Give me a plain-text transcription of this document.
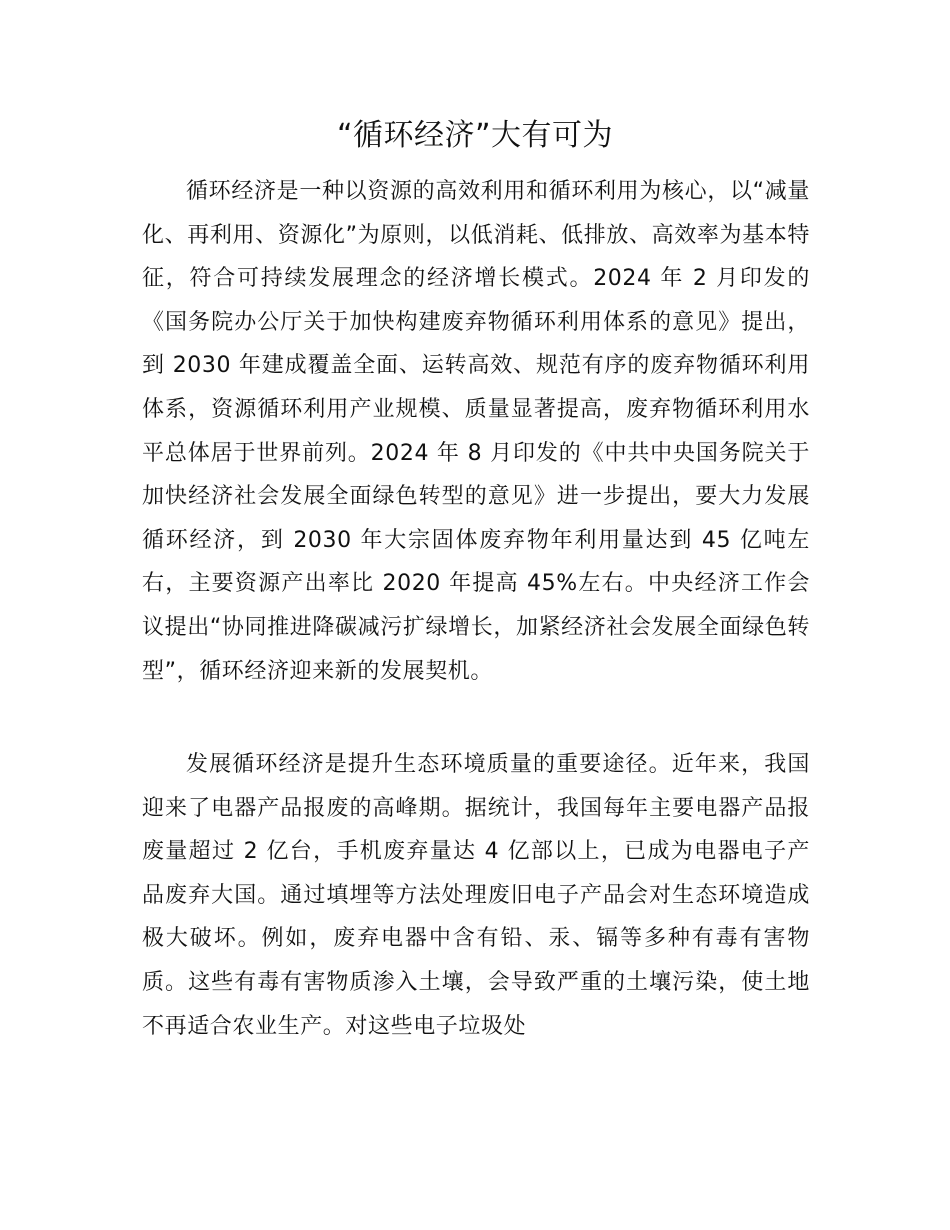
“循环经济”大有可为

循环经济是一种以资源的高效利用和循环利用为核心，以“减量化、再利用、资源化”为原则，以低消耗、低排放、高效率为基本特征，符合可持续发展理念的经济增长模式。2024 年 2 月印发的《国务院办公厅关于加快构建废弃物循环利用体系的意见》提出，到 2030 年建成覆盖全面、运转高效、规范有序的废弃物循环利用体系，资源循环利用产业规模、质量显著提高，废弃物循环利用水平总体居于世界前列。2024 年 8 月印发的《中共中央国务院关于加快经济社会发展全面绿色转型的意见》进一步提出，要大力发展循环经济，到 2030 年大宗固体废弃物年利用量达到 45 亿吨左右，主要资源产出率比 2020 年提高 45%左右。中央经济工作会议提出“协同推进降碳减污扩绿增长，加紧经济社会发展全面绿色转型”，循环经济迎来新的发展契机。

发展循环经济是提升生态环境质量的重要途径。近年来，我国迎来了电器产品报废的高峰期。据统计，我国每年主要电器产品报废量超过 2 亿台，手机废弃量达 4 亿部以上，已成为电器电子产品废弃大国。通过填埋等方法处理废旧电子产品会对生态环境造成极大破坏。例如，废弃电器中含有铅、汞、镉等多种有毒有害物质。这些有毒有害物质渗入土壤，会导致严重的土壤污染，使土地不再适合农业生产。对这些电子垃圾处
